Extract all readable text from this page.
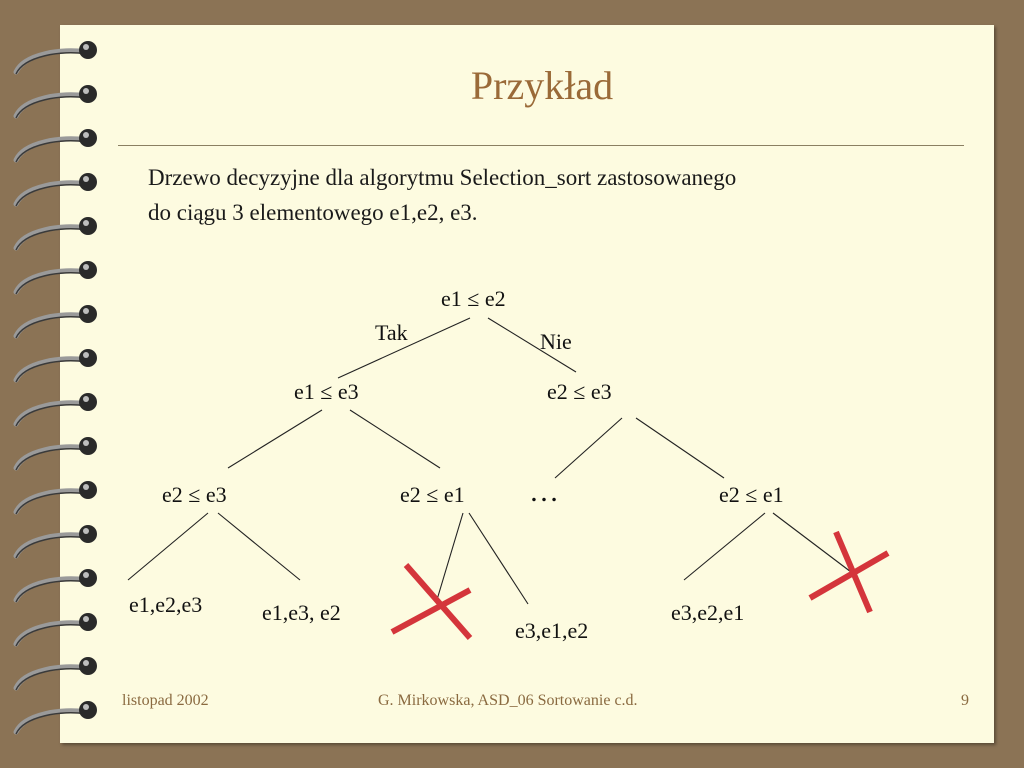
Przykład
Drzewo decyzyjne dla algorytmu Selection_sort zastosowanego
do ciągu 3 elementowego e1,e2, e3.
e1 ≤ e2
Tak	Nie
e1 ≤ e3	e2 ≤ e3
e2 ≤ e3	e2 ≤ e1 …	e2 ≤ e1
e1,e2,e3	e1,e3, e2
e3,e1,e2
e3,e2,e1
listopad 2002	G. Mirkowska, ASD_06 Sortowanie c.d.	9
